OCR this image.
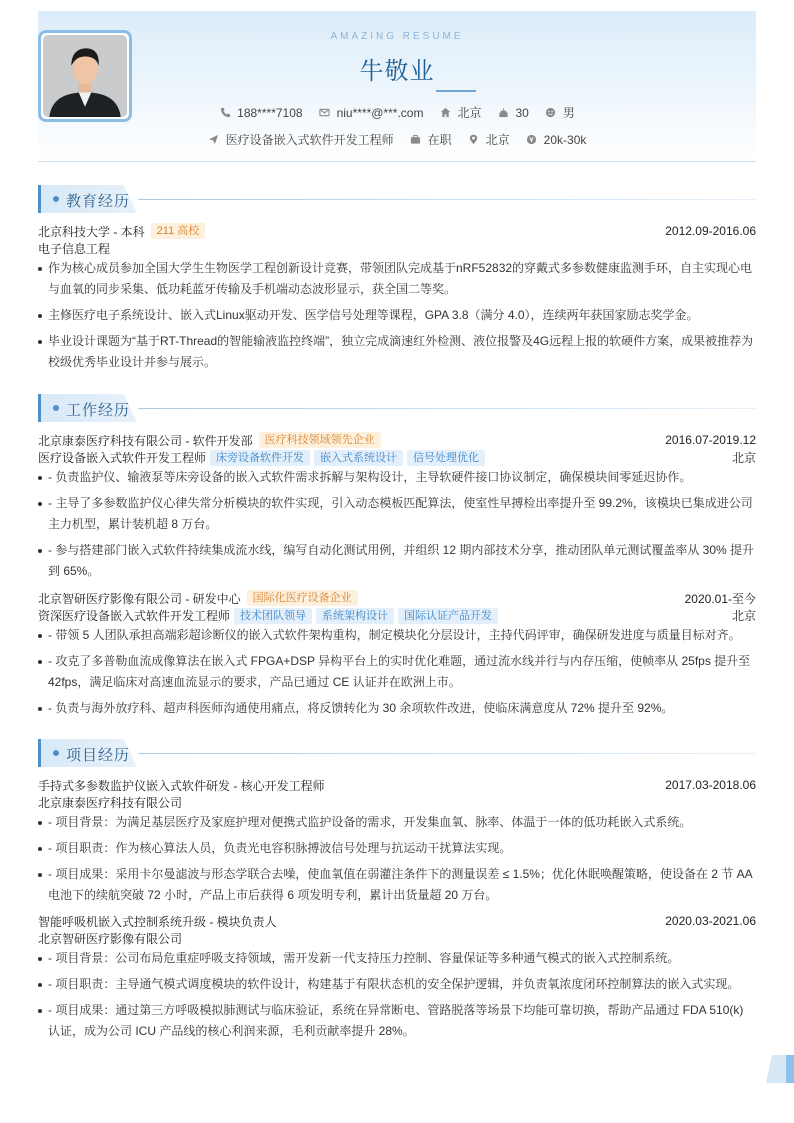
AMAZING RESUME
牛敬业
188****7108	niu****@***.com	北京	30	男
医疗设备嵌入式软件开发工程师	在职	北京	20k-30k
教育经历
北京科技大学 - 本科	211 高校	2012.09-2016.06
电子信息工程
作为核心成员参加全国大学生生物医学工程创新设计竞赛，带领团队完成基于nRF52832的穿戴式多参数健康监测手环，自主实现心电与血氧的同步采集、低功耗蓝牙传输及手机端动态波形显示，获全国二等奖。
主修医疗电子系统设计、嵌入式Linux驱动开发、医学信号处理等课程，GPA 3.8（满分 4.0），连续两年获国家励志奖学金。
毕业设计课题为“基于RT-Thread的智能输液监控终端”，独立完成滴速红外检测、液位报警及4G远程上报的软硬件方案，成果被推荐为校级优秀毕业设计并参与展示。
工作经历
北京康泰医疗科技有限公司 - 软件开发部	医疗科技领域领先企业	2016.07-2019.12
医疗设备嵌入式软件开发工程师 床旁设备软件开发	嵌入式系统设计	信号处理优化	北京
- 负责监护仪、输液泵等床旁设备的嵌入式软件需求拆解与架构设计，主导软硬件接口协议制定，确保模块间零延迟协作。
- 主导了多参数监护仪心律失常分析模块的软件实现，引入动态模板匹配算法，使室性早搏检出率提升至 99.2%，该模块已集成进公司主力机型，累计装机超 8 万台。
- 参与搭建部门嵌入式软件持续集成流水线，编写自动化测试用例，并组织 12 期内部技术分享，推动团队单元测试覆盖率从 30% 提升到 65%。
北京智研医疗影像有限公司 - 研发中心	国际化医疗设备企业	2020.01-至今
资深医疗设备嵌入式软件开发工程师 技术团队领导	系统架构设计	国际认证产品开发	北京
- 带领 5 人团队承担高端彩超诊断仪的嵌入式软件架构重构，制定模块化分层设计，主持代码评审，确保研发进度与质量目标对齐。
- 攻克了多普勒血流成像算法在嵌入式 FPGA+DSP 异构平台上的实时优化难题，通过流水线并行与内存压缩，使帧率从 25fps 提升至 42fps，满足临床对高速血流显示的要求，产品已通过 CE 认证并在欧洲上市。
- 负责与海外放疗科、超声科医师沟通使用痛点，将反馈转化为 30 余项软件改进，使临床满意度从 72% 提升至 92%。
项目经历
手持式多参数监护仪嵌入式软件研发 - 核心开发工程师	2017.03-2018.06
北京康泰医疗科技有限公司
- 项目背景：为满足基层医疗及家庭护理对便携式监护设备的需求，开发集血氧、脉率、体温于一体的低功耗嵌入式系统。
- 项目职责：作为核心算法人员，负责光电容积脉搏波信号处理与抗运动干扰算法实现。
- 项目成果：采用卡尔曼滤波与形态学联合去噪，使血氧值在弱灌注条件下的测量误差 ≤ 1.5%；优化休眠唤醒策略，使设备在 2 节 AA 电池下的续航突破 72 小时，产品上市后获得 6 项发明专利，累计出货量超 20 万台。
智能呼吸机嵌入式控制系统升级 - 模块负责人	2020.03-2021.06
北京智研医疗影像有限公司
- 项目背景：公司布局危重症呼吸支持领域，需开发新一代支持压力控制、容量保证等多种通气模式的嵌入式控制系统。
- 项目职责：主导通气模式调度模块的软件设计，构建基于有限状态机的安全保护逻辑，并负责氧浓度闭环控制算法的嵌入式实现。
- 项目成果：通过第三方呼吸模拟肺测试与临床验证，系统在异常断电、管路脱落等场景下均能可靠切换，帮助产品通过 FDA 510(k) 认证，成为公司 ICU 产品线的核心利润来源，毛利贡献率提升 28%。
